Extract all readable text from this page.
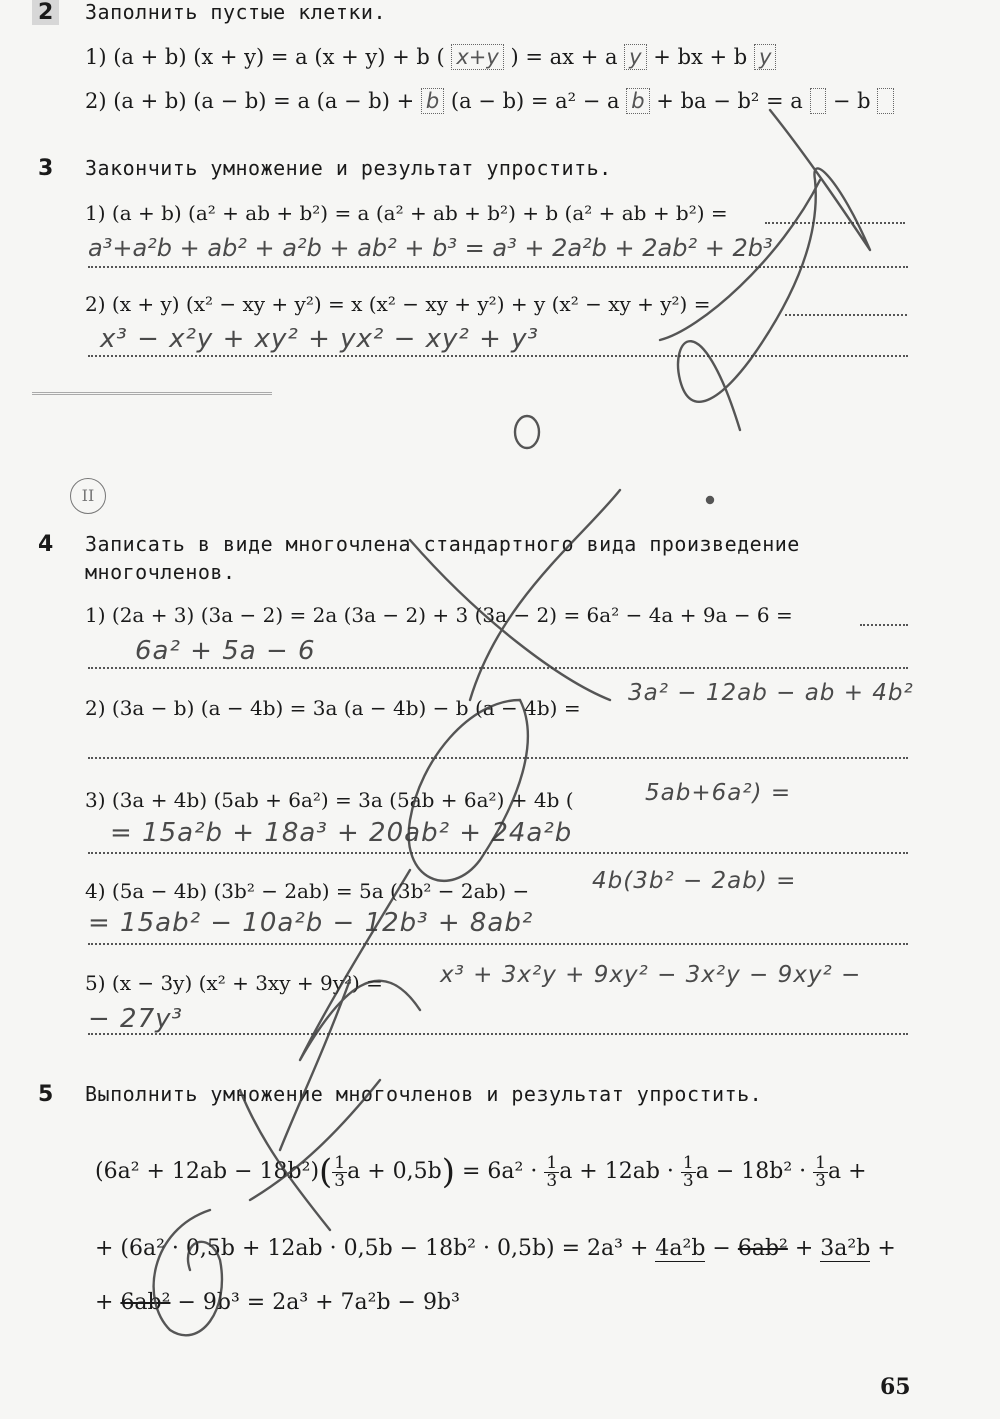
2	Заполнить пустые клетки.
1) (a + b) (x + y) = a (x + y) + b ( x+y ) = ax + a y + bx + b y
2) (a + b) (a − b) = a (a − b) + b (a − b) = a² − a b + ba − b² = a − b
3 Закончить умножение и результат упростить.
1) (a + b) (a² + ab + b²) = a (a² + ab + b²) + b (a² + ab + b²) =
a³+a²b + ab² + a²b + ab² + b³ = a³ + 2a²b + 2ab² + 2b³
2) (x + y) (x² − xy + y²) = x (x² − xy + y²) + y (x² − xy + y²) =
x³ − x²y + xy² + yx² − xy² + y³
II
4 Записать в виде многочлена стандартного вида произведение
многочленов.
1) (2a + 3) (3a − 2) = 2a (3a − 2) + 3 (3a − 2) = 6a² − 4a + 9a − 6 =
6a² + 5a − 6
2) (3a − b) (a − 4b) = 3a (a − 4b) − b (a − 4b) =
3a² − 12ab − ab + 4b²
3) (3a + 4b) (5ab + 6a²) = 3a (5ab + 6a²) + 4b (	5ab+6a²) =
= 15a²b + 18a³ + 20ab² + 24a²b
4) (5a − 4b) (3b² − 2ab) = 5a (3b² − 2ab) −	4b(3b² − 2ab) =
= 15ab² − 10a²b − 12b³ + 8ab²
5) (x − 3y) (x² + 3xy + 9y²) = x³ + 3x²y + 9xy² − 3x²y − 9xy² −
− 27y³
5 Выполнить умножение многочленов и результат упростить.
$(6a^2 + 12ab - 18b^2)( \frac{1}{3}$ $a + 0,5b) = 6a^2 \cdot \frac{1}{3}$ $a + 12ab \cdot \frac{1}{3}$ $a - 18b^2 \cdot \frac{1}{3}$ a +
+ (6a² · 0,5b + 12ab · 0,5b − 18b² · 0,5b) = 2a³ + 4a²b − 6ab² + 3a²b +
+ 6ab² − 9b³ = 2a³ + 7a²b − 9b³
65
